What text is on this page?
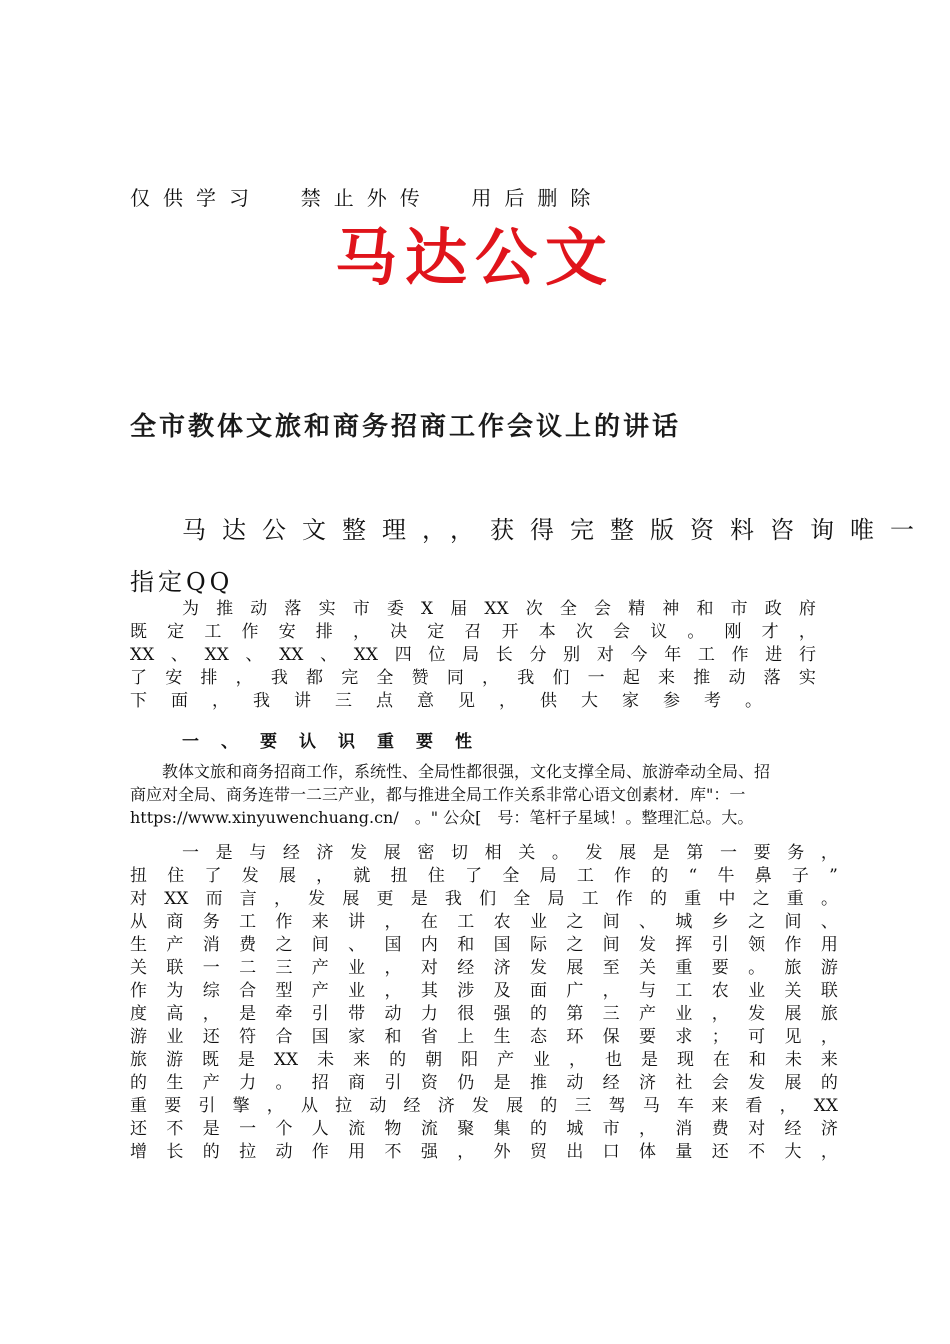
仅供学习  禁止外传  用后删除
马达公文
全市教体文旅和商务招商工作会议上的讲话
马达公文整理，，获得完整版资料咨询唯一
指定QQ
为 推 动 落 实 市 委 X 届 XX 次 全 会 精 神 和 市 政 府
既 定 工 作 安 排 ， 决 定 召 开 本 次 会 议 。 刚 才 ，
XX 、 XX 、 XX 、 XX 四 位 局 长 分 别 对 今 年 工 作 进 行
了 安 排 ， 我 都 完 全 赞 同 ， 我 们 一 起 来 推 动 落 实
下 面 ， 我 讲 三 点 意 见 ， 供 大 家 参 考 。
一、要认识重要性

　　教体文旅和商务招商工作，系统性、全局性都很强，文化支撑全局、旅游牵动全局、招

商应对全局、商务连带一二三产业，都与推进全局工作关系非常心语文创素材．库"：一

https://www.xinyuwenchuang.cn/　。" 公众[　号：笔杆子星域！。整理汇总。大。

一 是 与 经 济 发 展 密 切 相 关 。 发 展 是 第 一 要 务 ，
扭 住 了 发 展 ， 就 扭 住 了 全 局 工 作 的 “ 牛 鼻 子 ”
对 XX 而 言 ， 发 展 更 是 我 们 全 局 工 作 的 重 中 之 重 。
从 商 务 工 作 来 讲 ， 在 工 农 业 之 间 、 城 乡 之 间 、
生 产 消 费 之 间 、 国 内 和 国 际 之 间 发 挥 引 领 作 用
关 联 一 二 三 产 业 ， 对 经 济 发 展 至 关 重 要 。 旅 游
作 为 综 合 型 产 业 ， 其 涉 及 面 广 ， 与 工 农 业 关 联
度 高 ， 是 牵 引 带 动 力 很 强 的 第 三 产 业 ， 发 展 旅
游 业 还 符 合 国 家 和 省 上 生 态 环 保 要 求 ； 可 见 ，
旅 游 既 是 XX 未 来 的 朝 阳 产 业 ， 也 是 现 在 和 未 来
的 生 产 力 。 招 商 引 资 仍 是 推 动 经 济 社 会 发 展 的
重 要 引 擎 ， 从 拉 动 经 济 发 展 的 三 驾 马 车 来 看 ， XX
还 不 是 一 个 人 流 物 流 聚 集 的 城 市 ， 消 费 对 经 济
增 长 的 拉 动 作 用 不 强 ， 外 贸 出 口 体 量 还 不 大 ，
